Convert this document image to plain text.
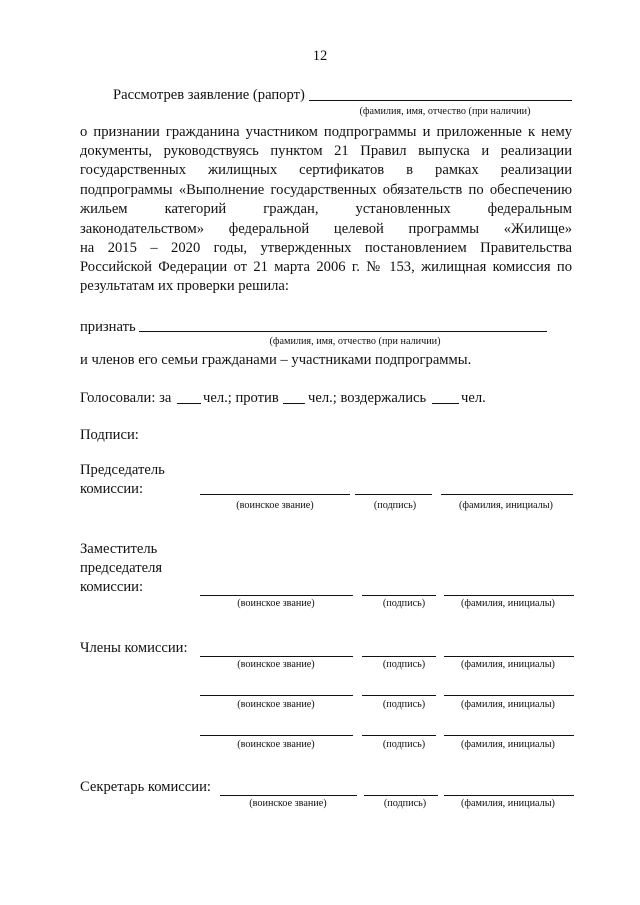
12
Рассмотрев заявление (рапорт)
(фамилия, имя, отчество (при наличии)
о признании гражданина участником подпрограммы и приложенные к нему
документы, руководствуясь пунктом 21 Правил выпуска и реализации
государственных жилищных сертификатов в рамках реализации
подпрограммы «Выполнение государственных обязательств по обеспечению
жильем категорий граждан, установленных федеральным
законодательством» федеральной целевой программы «Жилище»
на 2015 – 2020 годы, утвержденных постановлением Правительства
Российской Федерации от 21 марта 2006 г. № 153, жилищная комиссия по
результатам их проверки решила:
признать
(фамилия, имя, отчество (при наличии)
и членов его семьи гражданами – участниками подпрограммы.
Голосовали: за чел.; против чел.; воздержались чел.
Подписи:
Председатель
комиссии:
(воинское звание)	(подпись)	(фамилия, инициалы)
Заместитель
председателя
комиссии:
(воинское звание)	(подпись)	(фамилия, инициалы)
Члены комиссии:
(воинское звание)	(подпись)	(фамилия, инициалы)
(воинское звание)	(подпись)	(фамилия, инициалы)
(воинское звание)	(подпись)	(фамилия, инициалы)
Секретарь комиссии:
(воинское звание)	(подпись)	(фамилия, инициалы)
